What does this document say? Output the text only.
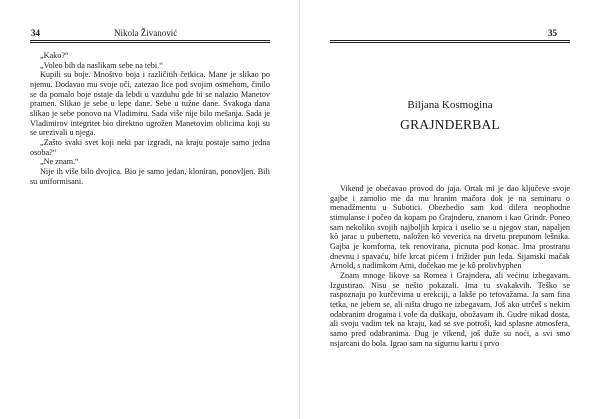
34	Nikola Živanović

„Kako?“

„Voleo bih da naslikam sebe na tebi.“

Kupili su boje. Mnoštvo boja i različitih četkica. Mane je slikao po njemu. Dodavao mu svoje oči, zatezao lice pod svojim osmehom, činilo se da pomalo boje ostaje da lebdi u vazduhu gde bi se nalazio Manetov pramen. Slikao je sebe u lepe dane. Sebe u tužne dane. Svakoga dana slikao je sebe ponovo na Vladimiru. Sada više nije bilo mešanja. Sada je Vladimirov integritet bio direktno ugrožen Manetovim oblicima koji su se urezivali u njega.

„Zašto svaki svet koji neki par izgradi, na kraju postaje samo jedna osoba?“

„Ne znam.“

Nije ih više bilo dvojica. Bio je samo jedan, kloniran, ponovljen. Bili su uniformisani.

35
Biljana Kosmogina
GRAJNDERBAL

Vikend je obećavao provod do jaja. Ortak mi je dao ključeve svoje gajbe i zamolio me da mu hranim mačora dok je na seminaru o menadžmentu u Subotici. Obezbedio sam kod dilera neophodne stimulanse i počeo da kopam po Grajnderu, znanom i kao Grindr. Poneo sam nekoliko svojih najboljih krpica i uselio se u njegov stan, napaljen kô jarac u pubertetu, naložen kô veverica na drvetu prepunom lešnika. Gajba je komforna, tek renovirana, picnuta pod konac. Ima prostranu dnevnu i spavaću, bife krcat pićem i frižider pun leda. Sijamski mačak Arnold, s nadimkom Arni, dočekao me je kô prolivhyphen

Znam mnoge likove sa Romea i Grajndera, ali većinu izbegavam. Izgustirao. Nisu se nešto pokazali. Ima tu svakakvih. Teško se raspoznaju po kurčevima u erekciji, a lakše po tetovažama. Ja sam fina tetka, ne jebem se, ali ništa drugo ne izbegavam. Još ako utrčeš s nekim odabranim drogama i vole da duškaju, obožavam ih. Gudre nikad dosta, ali svoju vadim tek na kraju, kad se sve potroši, kad splasne atmosfera, samo pred odabranima. Dug je vikend, još duže su noći, a svi smo nsjarcani do bola. Igrao sam na sigurnu kartu i prvo
